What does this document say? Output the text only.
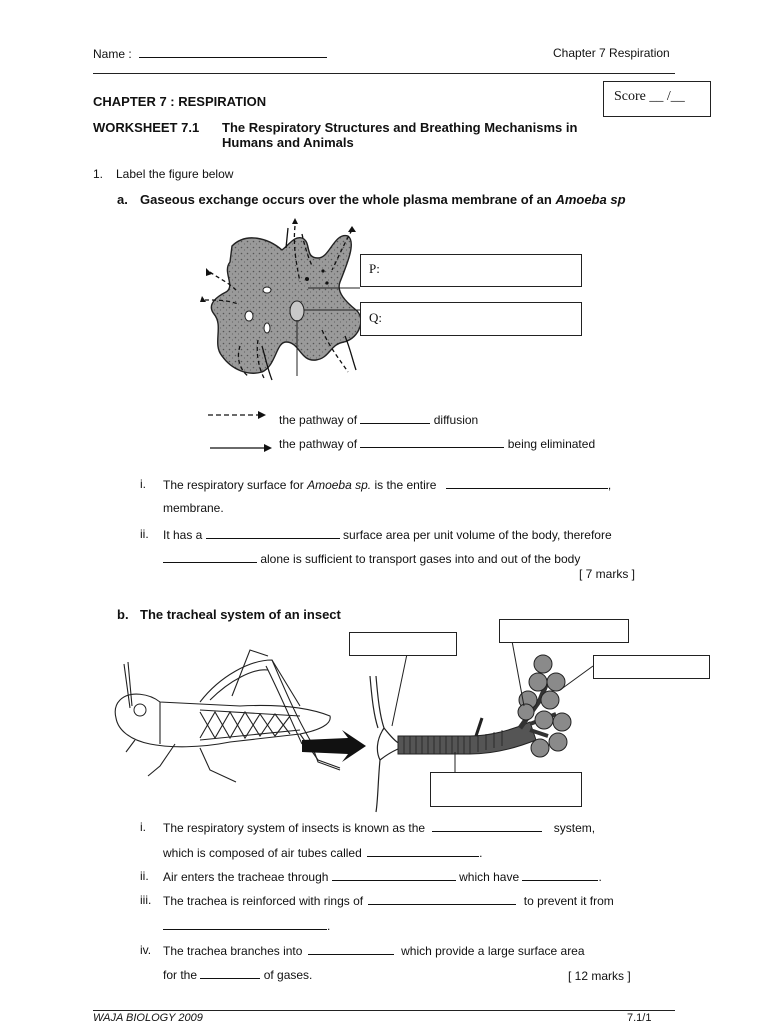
Name :	Chapter 7 Respiration
Score __ /__
CHAPTER 7 : RESPIRATION
WORKSHEET 7.1 The Respiratory Structures and Breathing Mechanisms in
Humans and Animals
1. Label the figure below
a. Gaseous exchange occurs over the whole plasma membrane of an Amoeba sp
P:
Q:
the pathway of	diffusion
the pathway of	being eliminated
i. The respiratory surface for Amoeba sp. is the entire	,
membrane.
ii. It has a	surface area per unit volume of the body, therefore
alone is sufficient to transport gases into and out of the body
[ 7 marks ]
b. The tracheal system of an insect
i. The respiratory system of insects is known as the	system,
which is composed of air tubes called	.
ii. Air enters the tracheae through	which have	.
iii. The trachea is reinforced with rings of	to prevent it from
.
iv. The trachea branches into	which provide a large surface area
for the	of gases.	[ 12 marks ]
WAJA BIOLOGY 2009	7.1/1
